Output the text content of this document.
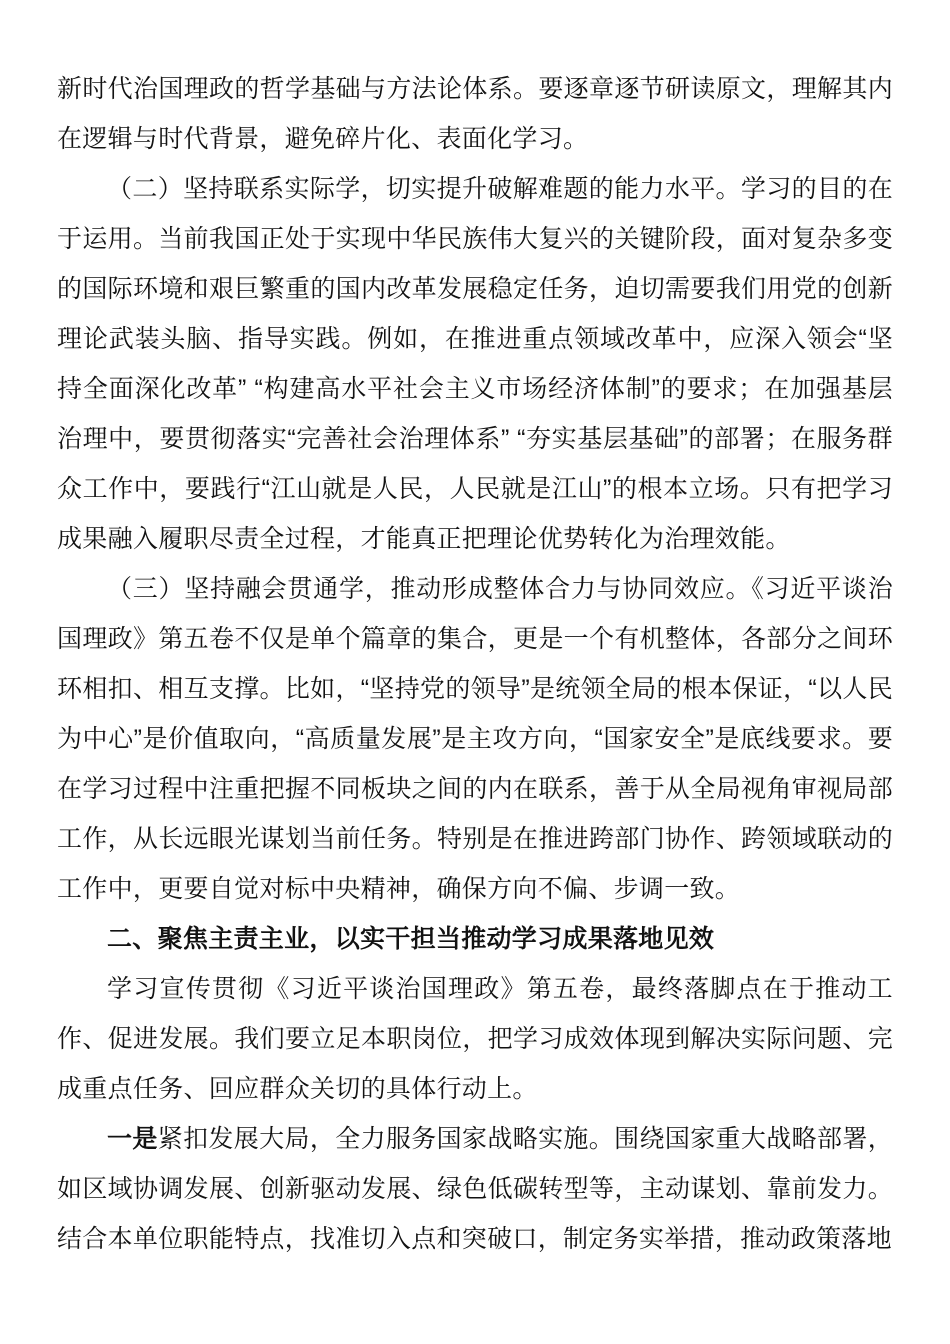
新时代治国理政的哲学基础与方法论体系。要逐章逐节研读原文，理解其内在逻辑与时代背景，避免碎片化、表面化学习。

（二）坚持联系实际学，切实提升破解难题的能力水平。学习的目的在于运用。当前我国正处于实现中华民族伟大复兴的关键阶段，面对复杂多变的国际环境和艰巨繁重的国内改革发展稳定任务，迫切需要我们用党的创新理论武装头脑、指导实践。例如，在推进重点领域改革中，应深入领会“坚持全面深化改革” “构建高水平社会主义市场经济体制”的要求；在加强基层治理中，要贯彻落实“完善社会治理体系” “夯实基层基础”的部署；在服务群众工作中，要践行“江山就是人民，人民就是江山”的根本立场。只有把学习成果融入履职尽责全过程，才能真正把理论优势转化为治理效能。

（三）坚持融会贯通学，推动形成整体合力与协同效应。《习近平谈治国理政》第五卷不仅是单个篇章的集合，更是一个有机整体，各部分之间环环相扣、相互支撑。比如，“坚持党的领导”是统领全局的根本保证，“以人民为中心”是价值取向，“高质量发展”是主攻方向，“国家安全”是底线要求。要在学习过程中注重把握不同板块之间的内在联系，善于从全局视角审视局部工作，从长远眼光谋划当前任务。特别是在推进跨部门协作、跨领域联动的工作中，更要自觉对标中央精神，确保方向不偏、步调一致。

二、聚焦主责主业，以实干担当推动学习成果落地见效

学习宣传贯彻《习近平谈治国理政》第五卷，最终落脚点在于推动工作、促进发展。我们要立足本职岗位，把学习成效体现到解决实际问题、完成重点任务、回应群众关切的具体行动上。

一是紧扣发展大局，全力服务国家战略实施。围绕国家重大战略部署，如区域协调发展、创新驱动发展、绿色低碳转型等，主动谋划、靠前发力。结合本单位职能特点，找准切入点和突破口，制定务实举措，推动政策落地
